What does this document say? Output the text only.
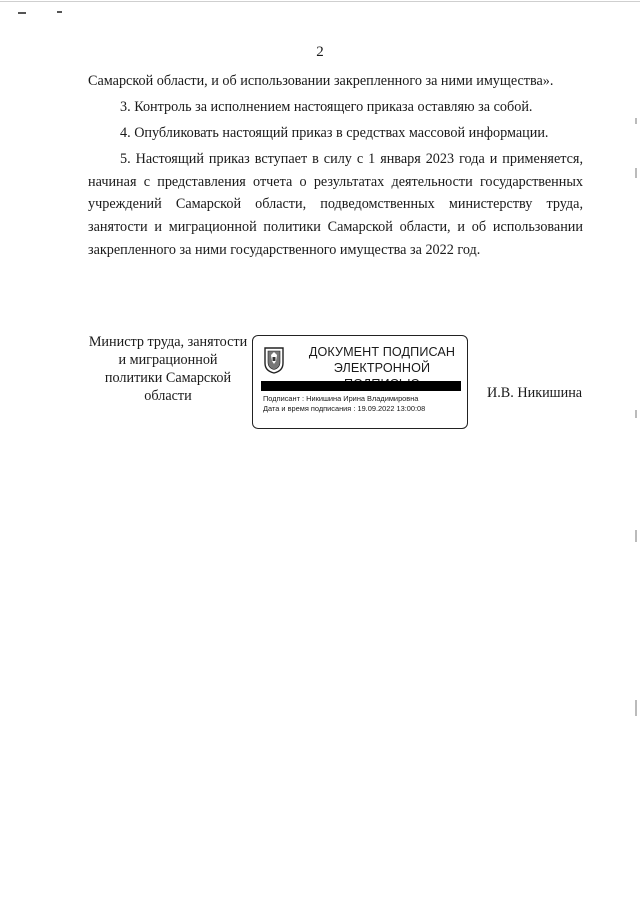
2

Самарской области, и об использовании закрепленного за ними имущества».

3. Контроль за исполнением настоящего приказа оставляю за собой.

4. Опубликовать настоящий приказ в средствах массовой информации.

5. Настоящий приказ вступает в силу с 1 января 2023 года и применяется, начиная с представления отчета о результатах деятельности государственных учреждений Самарской области, подведомственных министерству труда, занятости и миграционной политики Самарской области, и об использовании закрепленного за ними государственного имущества за 2022 год.

Министр труда, занятости
и миграционной
политики Самарской
области
ДОКУМЕНТ ПОДПИСАН
ЭЛЕКТРОННОЙ
Подписант : Никишина Ирина Владимировна
Дата и время подписания : 19.09.2022 13:00:08
И.В. Никишина
